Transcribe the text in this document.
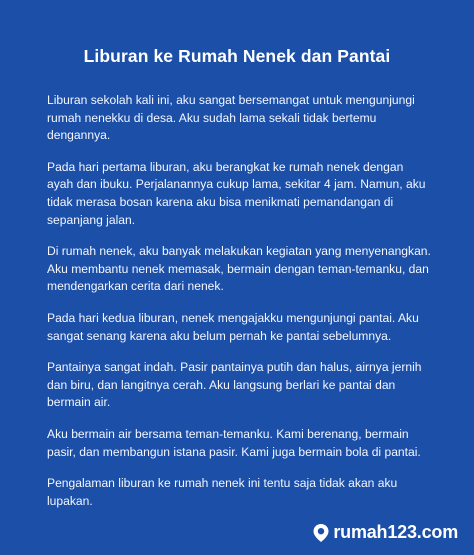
Liburan ke Rumah Nenek dan Pantai

Liburan sekolah kali ini, aku sangat bersemangat untuk mengunjungi rumah nenekku di desa. Aku sudah lama sekali tidak bertemu dengannya.

Pada hari pertama liburan, aku berangkat ke rumah nenek dengan ayah dan ibuku. Perjalanannya cukup lama, sekitar 4 jam. Namun, aku tidak merasa bosan karena aku bisa menikmati pemandangan di sepanjang jalan.

Di rumah nenek, aku banyak melakukan kegiatan yang menyenangkan. Aku membantu nenek memasak, bermain dengan teman-temanku, dan mendengarkan cerita dari nenek.

Pada hari kedua liburan, nenek mengajakku mengunjungi pantai. Aku sangat senang karena aku belum pernah ke pantai sebelumnya.

Pantainya sangat indah. Pasir pantainya putih dan halus, airnya jernih dan biru, dan langitnya cerah. Aku langsung berlari ke pantai dan bermain air.

Aku bermain air bersama teman-temanku. Kami berenang, bermain pasir, dan membangun istana pasir. Kami juga bermain bola di pantai.

Pengalaman liburan ke rumah nenek ini tentu saja tidak akan aku lupakan.

rumah123.com
